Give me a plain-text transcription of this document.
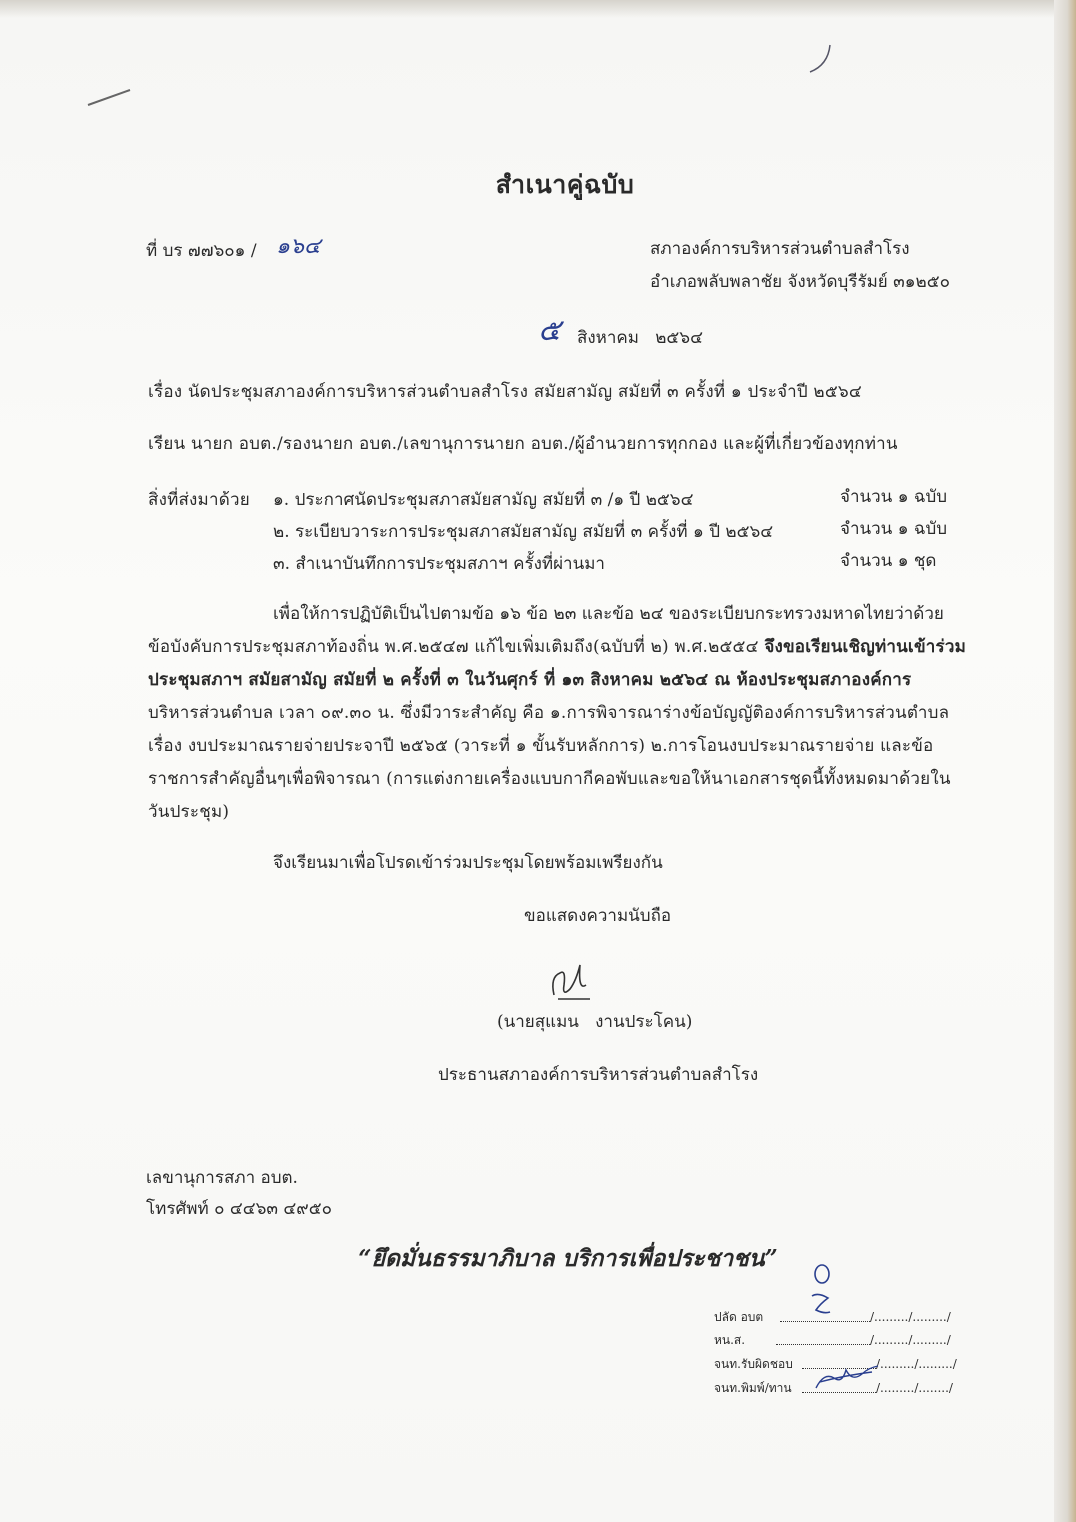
สำเนาคู่ฉบับ
ที่ บร ๗๗๖๐๑ / ๑๖๔	สภาองค์การบริหารส่วนตำบลสำโรง
อำเภอพลับพลาชัย จังหวัดบุรีรัมย์ ๓๑๒๕๐
๕ สิงหาคม   ๒๕๖๔
เรื่อง นัดประชุมสภาองค์การบริหารส่วนตำบลสำโรง สมัยสามัญ สมัยที่ ๓ ครั้งที่ ๑ ประจำปี ๒๕๖๔
เรียน นายก อบต./รองนายก อบต./เลขานุการนายก อบต./ผู้อำนวยการทุกกอง และผู้ที่เกี่ยวข้องทุกท่าน
สิ่งที่ส่งมาด้วย ๑. ประกาศนัดประชุมสภาสมัยสามัญ สมัยที่ ๓ /๑ ปี ๒๕๖๔	จำนวน ๑ ฉบับ
๒. ระเบียบวาระการประชุมสภาสมัยสามัญ สมัยที่ ๓ ครั้งที่ ๑ ปี ๒๕๖๔	จำนวน ๑ ฉบับ
๓. สำเนาบันทึกการประชุมสภาฯ ครั้งที่ผ่านมา	จำนวน ๑ ชุด
เพื่อให้การปฏิบัติเป็นไปตามข้อ ๑๖ ข้อ ๒๓ และข้อ ๒๔ ของระเบียบกระทรวงมหาดไทยว่าด้วย
ข้อบังคับการประชุมสภาท้องถิ่น พ.ศ.๒๕๔๗ แก้ไขเพิ่มเติมถึง(ฉบับที่ ๒) พ.ศ.๒๕๕๔ จึงขอเรียนเชิญท่านเข้าร่วม
ประชุมสภาฯ สมัยสามัญ สมัยที่ ๒ ครั้งที่ ๓ ในวันศุกร์ ที่ ๑๓ สิงหาคม ๒๕๖๔ ณ ห้องประชุมสภาองค์การ
บริหารส่วนตำบล เวลา ๐๙.๓๐ น. ซึ่งมีวาระสำคัญ คือ ๑.การพิจารณาร่างข้อบัญญัติองค์การบริหารส่วนตำบล
เรื่อง งบประมาณรายจ่ายประจาปี ๒๕๖๕ (วาระที่ ๑ ขั้นรับหลักการ) ๒.การโอนงบประมาณรายจ่าย และข้อ
ราชการสำคัญอื่นๆเพื่อพิจารณา (การแต่งกายเครื่องแบบกากีคอพับและขอให้นาเอกสารชุดนี้ทั้งหมดมาด้วยใน
วันประชุม)
จึงเรียนมาเพื่อโปรดเข้าร่วมประชุมโดยพร้อมเพรียงกัน
ขอแสดงความนับถือ
(นายสุแมน   งานประโคน)
ประธานสภาองค์การบริหารส่วนตำบลสำโรง
เลขานุการสภา อบต.
โทรศัพท์ ๐ ๔๔๖๓ ๔๙๕๐
“ยึดมั่นธรรมาภิบาล บริการเพื่อประชาชน”
ปลัด อบต	/........./........./
หน.ส.	/........./........./
จนท.รับผิดชอบ	/........./........./
จนท.พิมพ์/ทาน	/........./......../
